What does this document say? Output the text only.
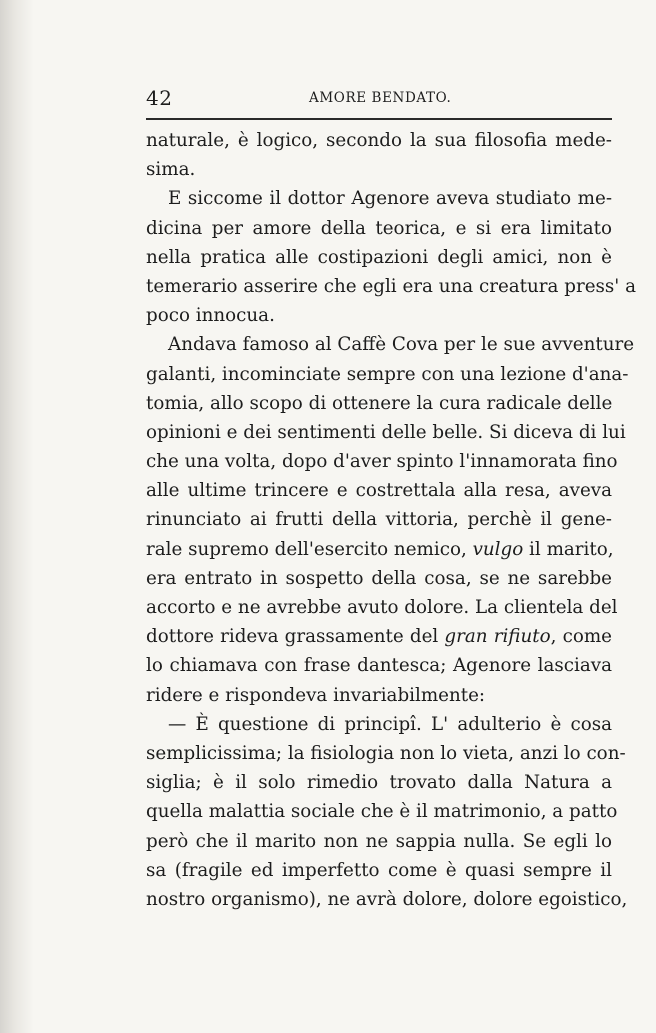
42	AMORE BENDATO.
naturale, è logico, secondo la sua filosofia mede-
sima.
E siccome il dottor Agenore aveva studiato me-
dicina per amore della teorica, e si era limitato
nella pratica alle costipazioni degli amici, non è
temerario asserire che egli era una creatura press' a
poco innocua.
Andava famoso al Caffè Cova per le sue avventure
galanti, incominciate sempre con una lezione d'ana-
tomia, allo scopo di ottenere la cura radicale delle
opinioni e dei sentimenti delle belle. Si diceva di lui
che una volta, dopo d'aver spinto l'innamorata fino
alle ultime trincere e costrettala alla resa, aveva
rinunciato ai frutti della vittoria, perchè il gene-
rale supremo dell'esercito nemico, vulgo il marito,
era entrato in sospetto della cosa, se ne sarebbe
accorto e ne avrebbe avuto dolore. La clientela del
dottore rideva grassamente del gran rifiuto, come
lo chiamava con frase dantesca; Agenore lasciava
ridere e rispondeva invariabilmente:
— È questione di principî. L' adulterio è cosa
semplicissima; la fisiologia non lo vieta, anzi lo con-
siglia; è il solo rimedio trovato dalla Natura a
quella malattia sociale che è il matrimonio, a patto
però che il marito non ne sappia nulla. Se egli lo
sa (fragile ed imperfetto come è quasi sempre il
nostro organismo), ne avrà dolore, dolore egoistico,
